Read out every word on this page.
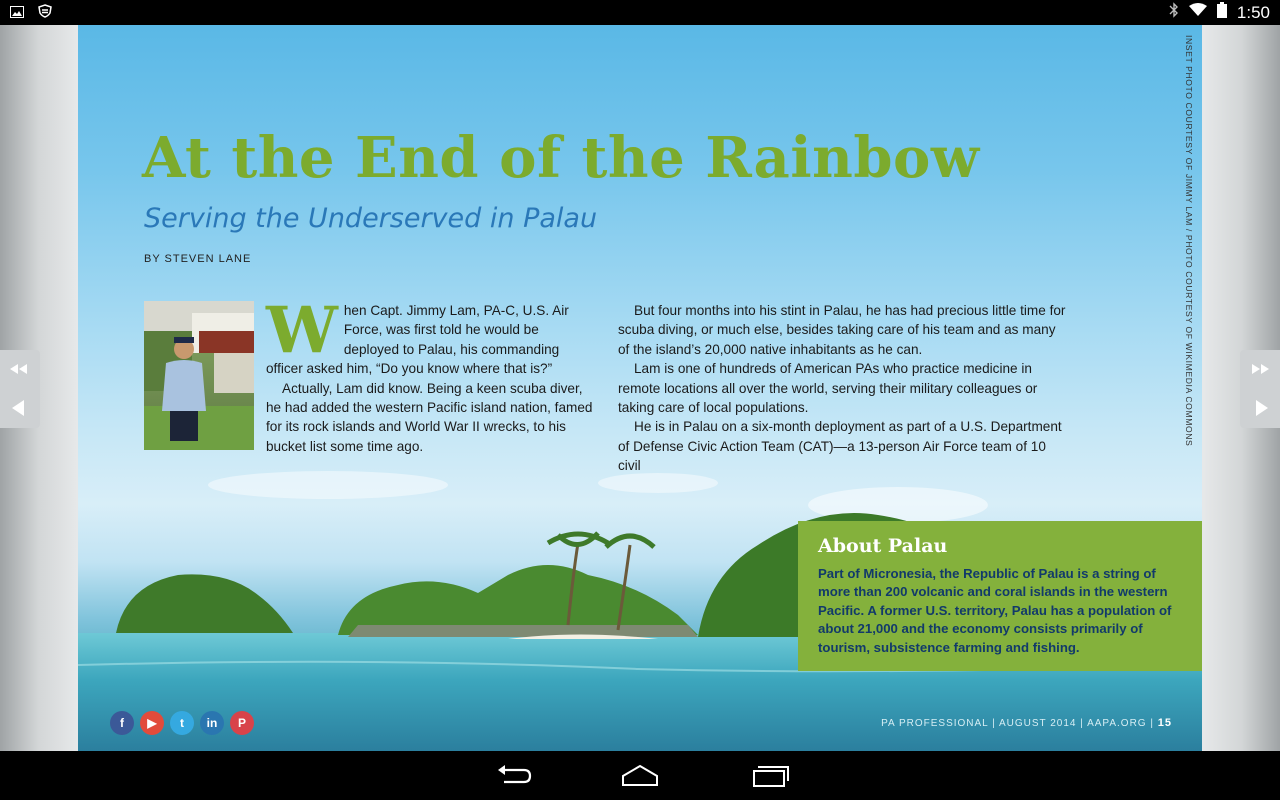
1:50
At the End of the Rainbow
Serving the Underserved in Palau
BY STEVEN LANE
W hen Capt. Jimmy Lam, PA-C, U.S. Air Force, was first told he would be deployed to Palau, his commanding officer asked him, “Do you know where that is?”

Actually, Lam did know. Being a keen scuba diver, he had added the western Pacific island nation, famed for its rock islands and World War II wrecks, to his bucket list some time ago.

But four months into his stint in Palau, he has had precious little time for scuba diving, or much else, besides taking care of his team and as many of the island’s 20,000 native inhabitants as he can.

Lam is one of hundreds of American PAs who practice medicine in remote locations all over the world, serving their military colleagues or taking care of local populations.

He is in Palau on a six-month deployment as part of a U.S. Department of Defense Civic Action Team (CAT)—a 13-person Air Force team of 10 civil

INSET PHOTO COURTESY OF JIMMY LAM / PHOTO COURTESY OF WIKIMEDIA COMMONS
About Palau

Part of Micronesia, the Republic of Palau is a string of more than 200 volcanic and coral islands in the western Pacific. A former U.S. territory, Palau has a population of about 21,000 and the economy consists primarily of tourism, subsistence farming and fishing.

f	▶	t	in	P	PA PROFESSIONAL | AUGUST 2014 | AAPA.ORG | 15
